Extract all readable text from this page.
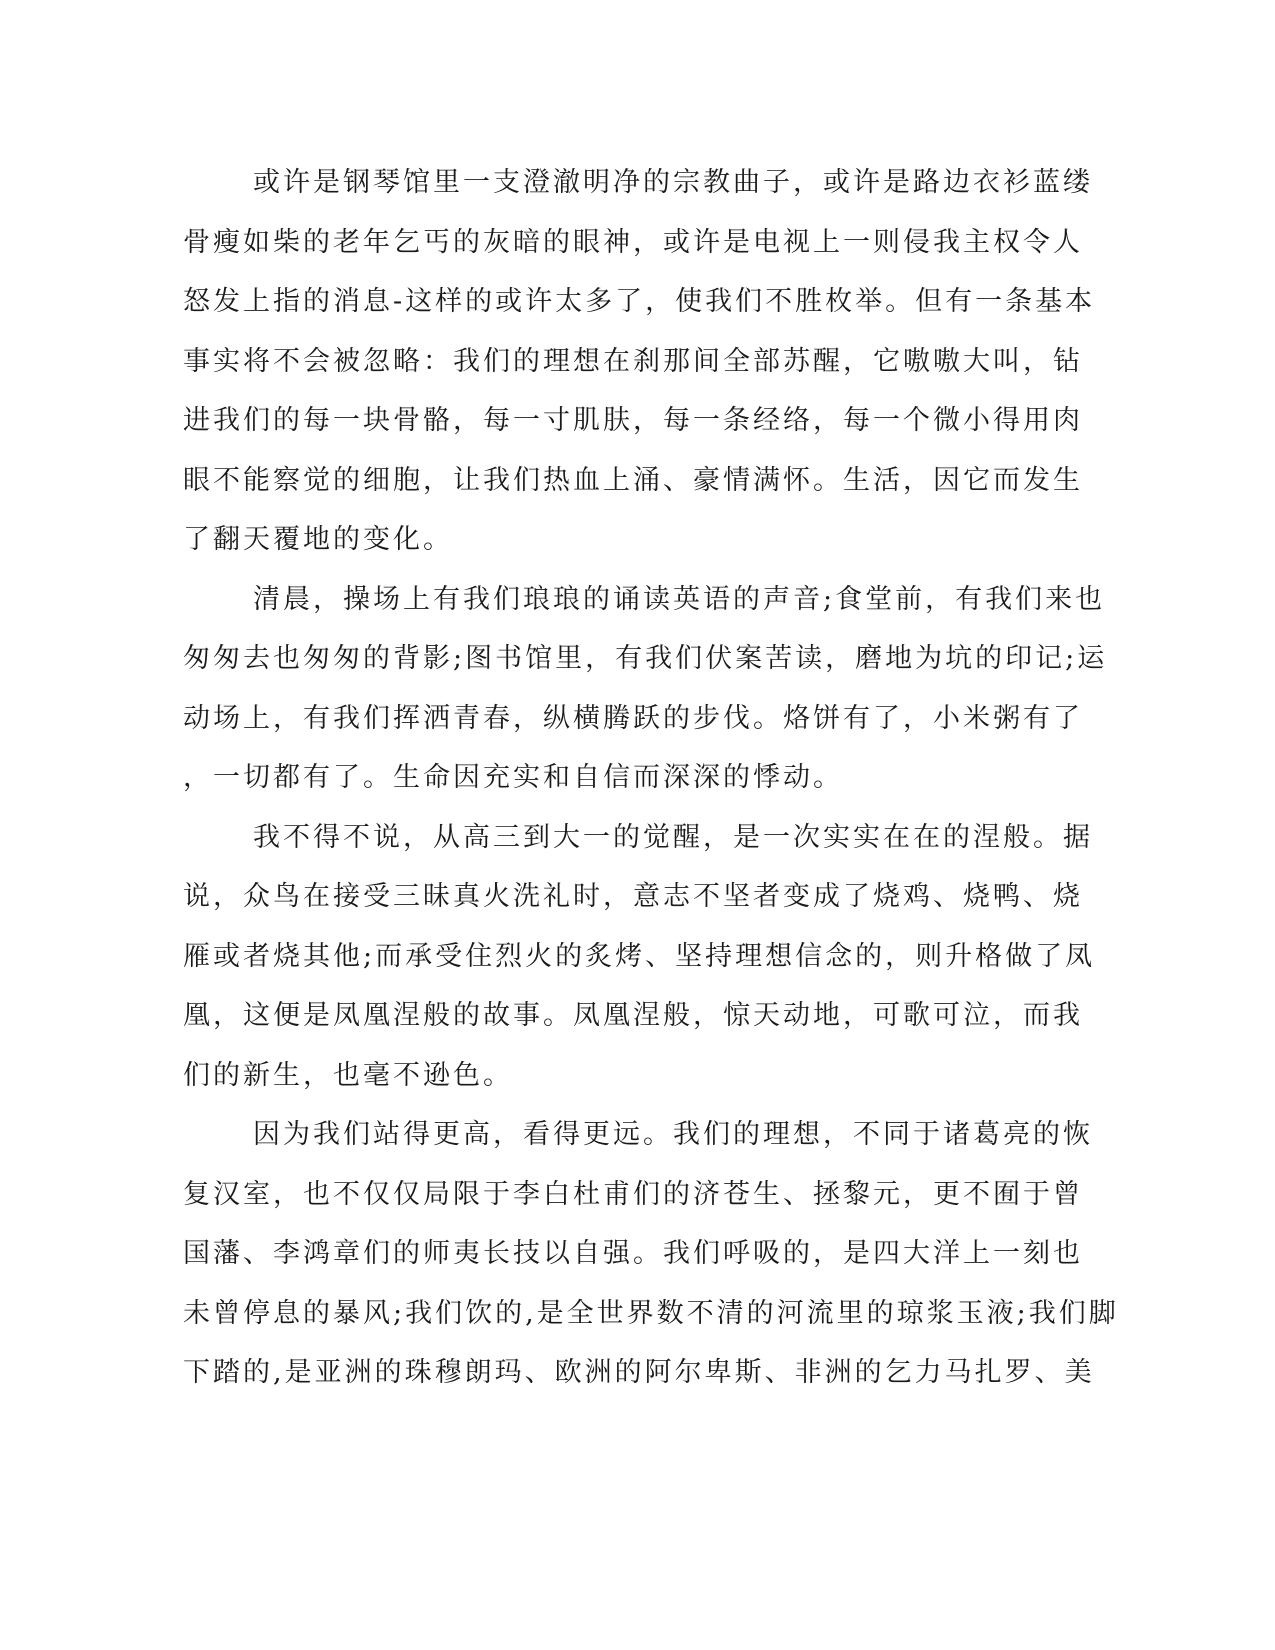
或许是钢琴馆里一支澄澈明净的宗教曲子，或许是路边衣衫蓝缕
骨瘦如柴的老年乞丐的灰暗的眼神，或许是电视上一则侵我主权令人
怒发上指的消息-这样的或许太多了，使我们不胜枚举。但有一条基本
事实将不会被忽略：我们的理想在刹那间全部苏醒，它嗷嗷大叫，钻
进我们的每一块骨骼，每一寸肌肤，每一条经络，每一个微小得用肉
眼不能察觉的细胞，让我们热血上涌、豪情满怀。生活，因它而发生
了翻天覆地的变化。
清晨，操场上有我们琅琅的诵读英语的声音;食堂前，有我们来也
匆匆去也匆匆的背影;图书馆里，有我们伏案苦读，磨地为坑的印记;运
动场上，有我们挥洒青春，纵横腾跃的步伐。烙饼有了，小米粥有了
，一切都有了。生命因充实和自信而深深的悸动。
我不得不说，从高三到大一的觉醒，是一次实实在在的涅般。据
说，众鸟在接受三昧真火洗礼时，意志不坚者变成了烧鸡、烧鸭、烧
雁或者烧其他;而承受住烈火的炙烤、坚持理想信念的，则升格做了凤
凰，这便是凤凰涅般的故事。凤凰涅般，惊天动地，可歌可泣，而我
们的新生，也毫不逊色。
因为我们站得更高，看得更远。我们的理想，不同于诸葛亮的恢
复汉室，也不仅仅局限于李白杜甫们的济苍生、拯黎元，更不囿于曾
国藩、李鸿章们的师夷长技以自强。我们呼吸的，是四大洋上一刻也
未曾停息的暴风;我们饮的,是全世界数不清的河流里的琼浆玉液;我们脚
下踏的,是亚洲的珠穆朗玛、欧洲的阿尔卑斯、非洲的乞力马扎罗、美
